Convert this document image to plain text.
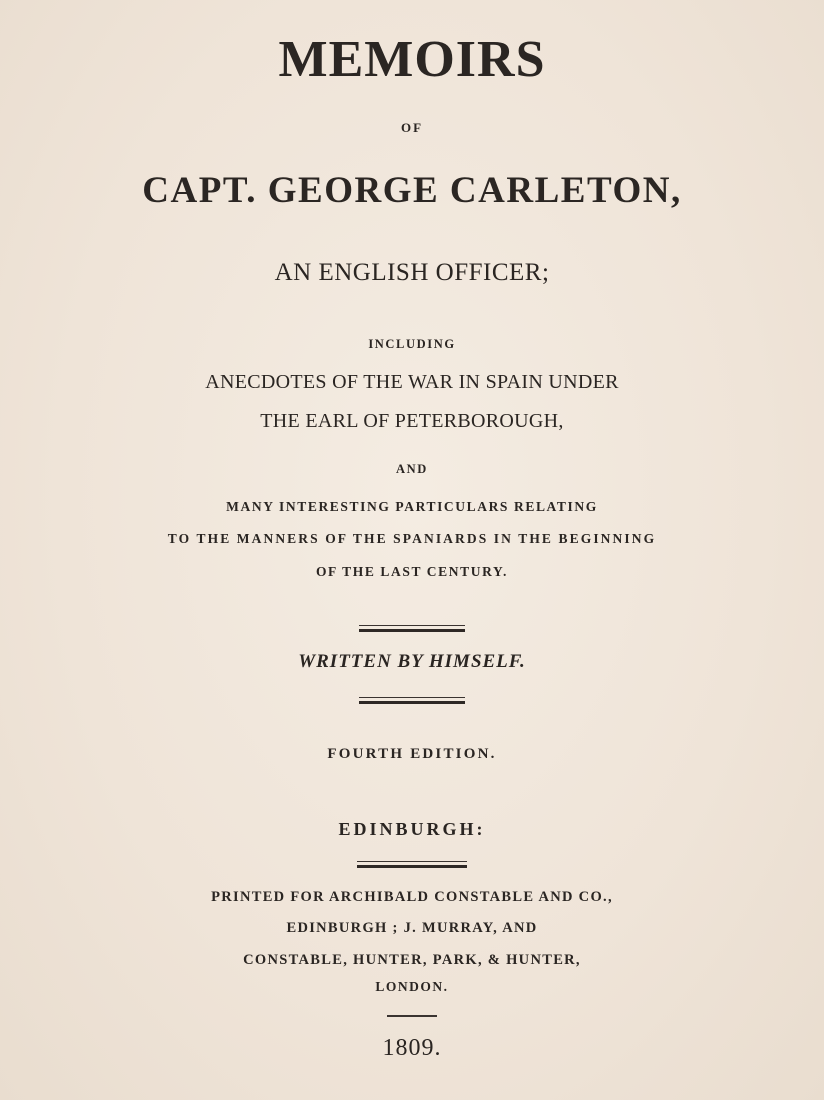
MEMOIRS
OF
CAPT. GEORGE CARLETON,
AN ENGLISH OFFICER;
INCLUDING
ANECDOTES OF THE WAR IN SPAIN UNDER
THE EARL OF PETERBOROUGH,
AND
MANY INTERESTING PARTICULARS RELATING
TO THE MANNERS OF THE SPANIARDS IN THE BEGINNING
OF THE LAST CENTURY.
WRITTEN BY HIMSELF.
FOURTH EDITION.
EDINBURGH:
PRINTED FOR ARCHIBALD CONSTABLE AND CO.,
EDINBURGH ; J. MURRAY, AND
CONSTABLE, HUNTER, PARK, & HUNTER,
LONDON.
1809.
